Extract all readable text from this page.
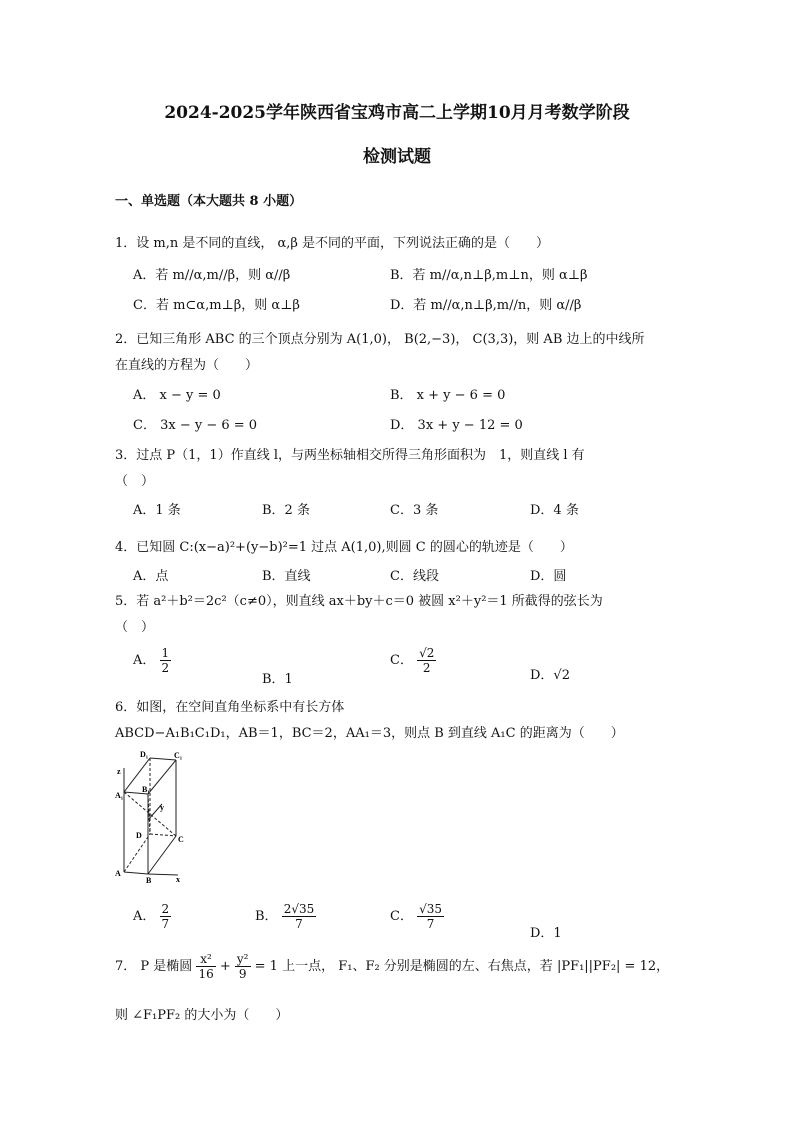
2024-2025学年陕西省宝鸡市高二上学期10月月考数学阶段
检测试题
一、单选题（本大题共 8 小题）
1．设 m,n 是不同的直线， α,β 是不同的平面，下列说法正确的是（　　）
A．若 m//α,m//β，则 α//β	B．若 m//α,n⊥β,m⊥n，则 α⊥β
C．若 m⊂α,m⊥β，则 α⊥β	D．若 m//α,n⊥β,m//n，则 α//β
2．已知三角形 ABC 的三个顶点分别为 A(1,0)， B(2,−3)， C(3,3)，则 AB 边上的中线所
在直线的方程为（　　）
A． x − y = 0	B． x + y − 6 = 0
C． 3x − y − 6 = 0	D． 3x + y − 12 = 0
3．过点 P（1，1）作直线 l，与两坐标轴相交所得三角形面积为　1，则直线 l 有
（　）
A．1 条	B．2 条	C．3 条	D．4 条
4．已知圆 C:(x−a)²+(y−b)²=1 过点 A(1,0),则圆 C 的圆心的轨迹是（　　）
A．点	B．直线	C．线段	D．圆
5．若 a²＋b²＝2c²（c≠0），则直线 ax＋by＋c＝0 被圆 x²＋y²＝1 所截得的弦长为
（　）
A． $\frac{1}{2}$
B．1
C． $\frac{√2}{2}$
D．√2
6．如图，在空间直角坐标系中有长方体
ABCD−A₁B₁C₁D₁，AB＝1，BC＝2，AA₁＝3，则点 B 到直线 A₁C 的距离为（　　）
D₁	C₁
z
A₁
B₁
y
D	C
A
B	x
A． $\frac{2}{7}$	B． $\frac{2√35}{7}$	C． $\frac{√35}{7}$
D．1
7． P 是椭圆 $\frac{\text{x²}}{16} + \frac{\text{y²}}{9} = 1$ 上一点， F₁、F₂ 分别是椭圆的左、右焦点，若 |PF₁||PF₂| = 12，
则 ∠F₁PF₂ 的大小为（　　）
